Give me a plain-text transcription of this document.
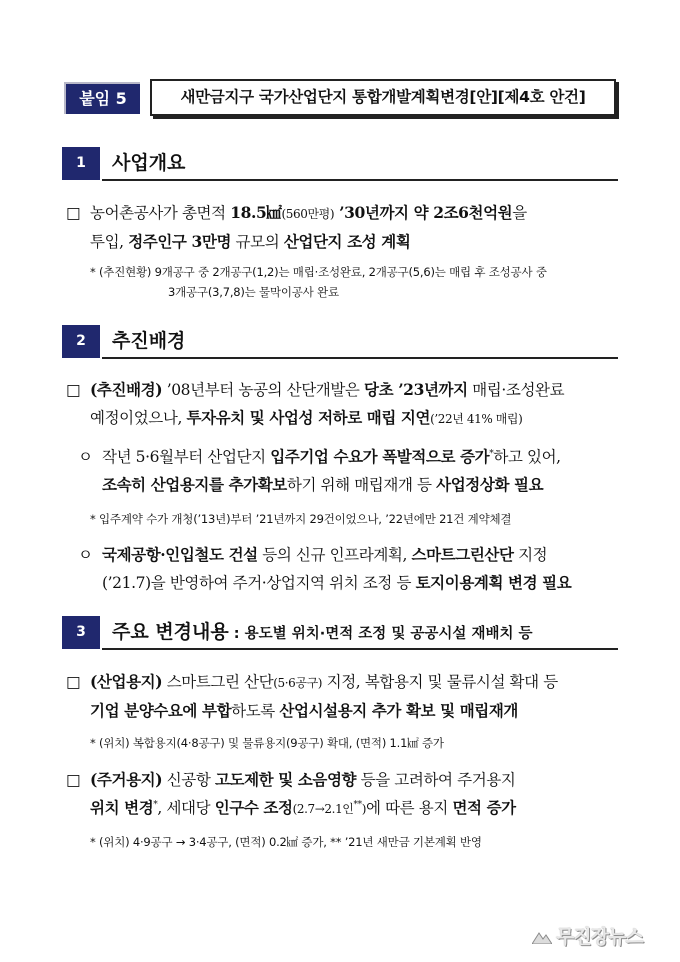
붙임 5	새만금지구 국가산업단지 통합개발계획변경[안][제4호 안건]
1	사업개요
□ 농어촌공사가 총면적 18.5㎢(560만평) ’30년까지 약 2조6천억원을
투입, 정주인구 3만명 규모의 산업단지 조성 계획
* (추진현황) 9개공구 중 2개공구(1,2)는 매립·조성완료, 2개공구(5,6)는 매립 후 조성공사 중
3개공구(3,7,8)는 물막이공사 완료
2	추진배경
□ (추진배경) ’08년부터 농공의 산단개발은 당초 ’23년까지 매립·조성완료
예정이었으나, 투자유치 및 사업성 저하로 매립 지연(’22년 41% 매립)
ㅇ 작년 5·6월부터 산업단지 입주기업 수요가 폭발적으로 증가*하고 있어,
조속히 산업용지를 추가확보하기 위해 매립재개 등 사업정상화 필요
* 입주계약 수가 개청(’13년)부터 ’21년까지 29건이었으나, ’22년에만 21건 계약체결
ㅇ 국제공항·인입철도 건설 등의 신규 인프라계획, 스마트그린산단 지정
(’21.7)을 반영하여 주거·상업지역 위치 조정 등 토지이용계획 변경 필요
3	주요 변경내용 : 용도별 위치·면적 조정 및 공공시설 재배치 등
□ (산업용지) 스마트그린 산단(5·6공구) 지정, 복합용지 및 물류시설 확대 등
기업 분양수요에 부합하도록 산업시설용지 추가 확보 및 매립재개
* (위치) 복합용지(4·8공구) 및 물류용지(9공구) 확대, (면적) 1.1㎢ 증가
□ (주거용지) 신공항 고도제한 및 소음영향 등을 고려하여 주거용지
위치 변경*, 세대당 인구수 조정(2.7→2.1인**)에 따른 용지 면적 증가
* (위치) 4·9공구 → 3·4공구, (면적) 0.2㎢ 증가, ** ’21년 새만금 기본계획 반영
무진장뉴스
